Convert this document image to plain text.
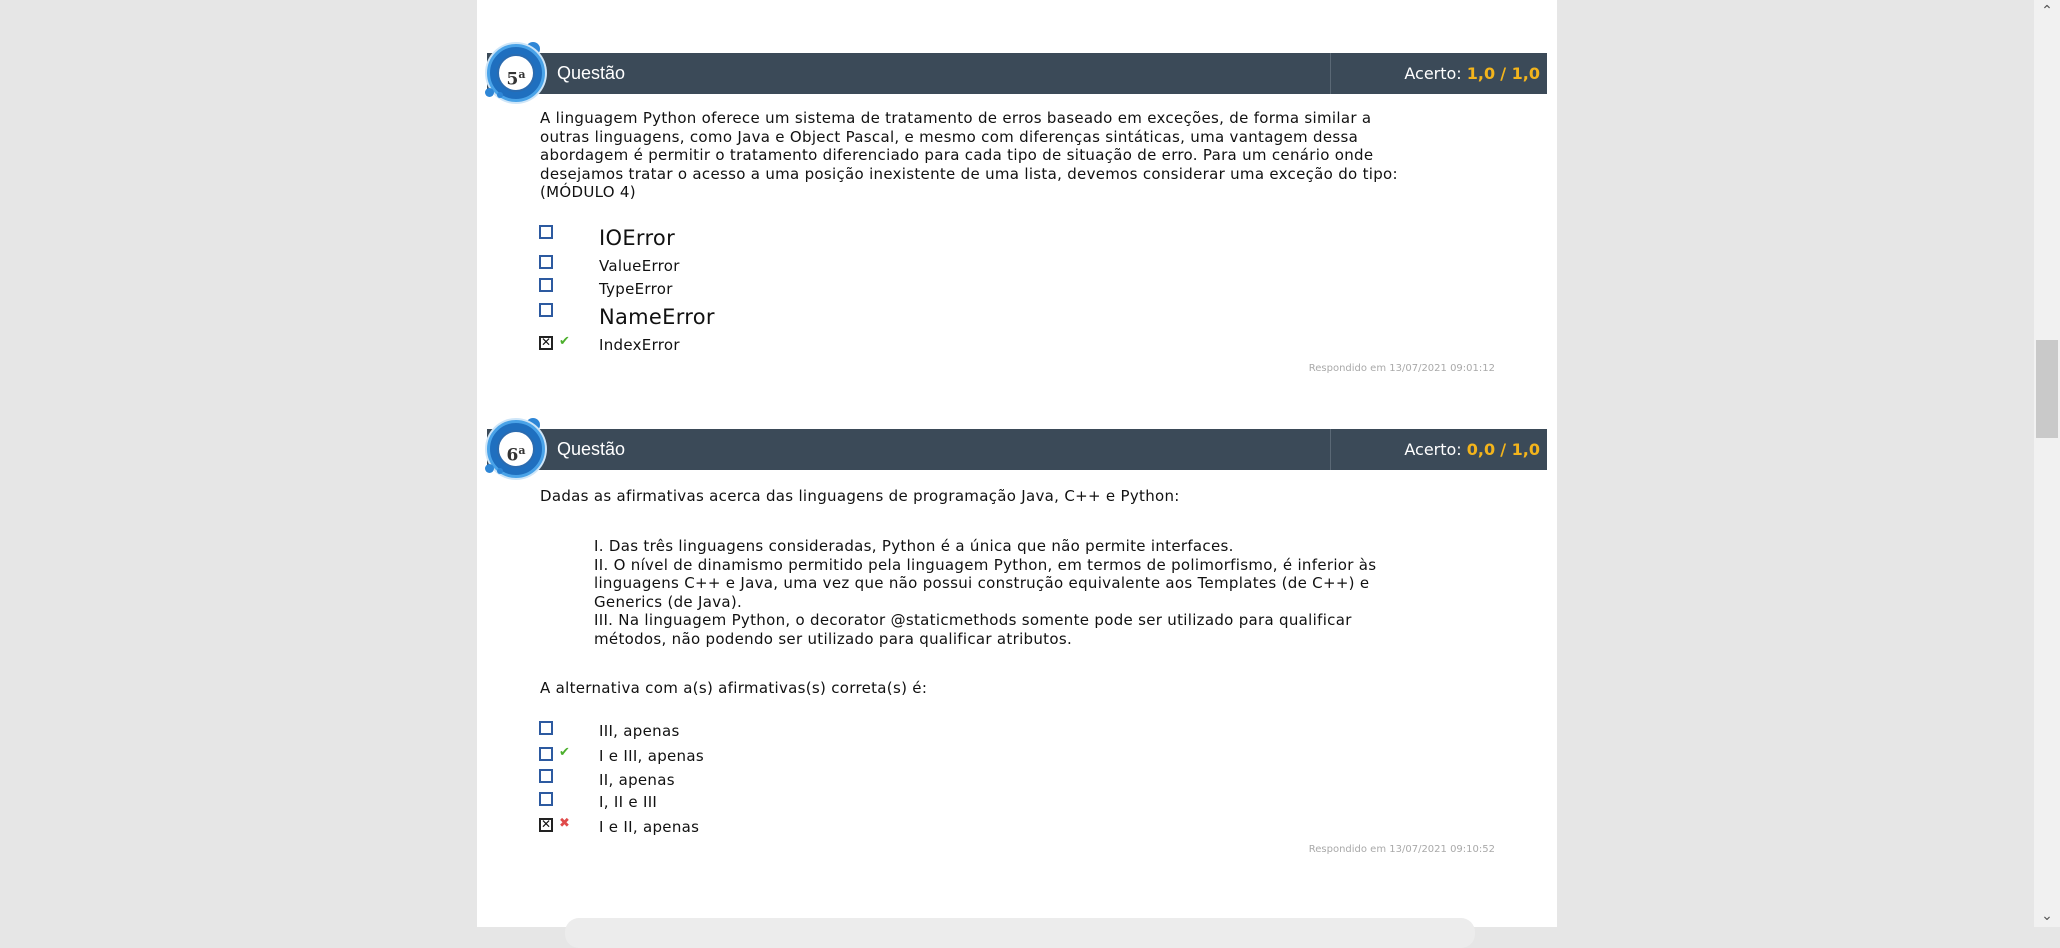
Questão	Acerto: 1,0 / 1,0
5$^a$
A linguagem Python oferece um sistema de tratamento de erros baseado em exceções, de forma similar a
outras linguagens, como Java e Object Pascal, e mesmo com diferenças sintáticas, uma vantagem dessa
abordagem é permitir o tratamento diferenciado para cada tipo de situação de erro. Para um cenário onde
desejamos tratar o acesso a uma posição inexistente de uma lista, devemos considerar uma exceção do tipo:
(MÓDULO 4)
IOError
ValueError
TypeError
NameError
✕
✔ IndexError
Respondido em 13/07/2021 09:01:12
Questão	Acerto: 0,0 / 1,0
6$^a$
Dadas as afirmativas acerca das linguagens de programação Java, C++ e Python:
I. Das três linguagens consideradas, Python é a única que não permite interfaces.
II. O nível de dinamismo permitido pela linguagem Python, em termos de polimorfismo, é inferior às
linguagens C++ e Java, uma vez que não possui construção equivalente aos Templates (de C++) e
Generics (de Java).
III. Na linguagem Python, o decorator @staticmethods somente pode ser utilizado para qualificar
métodos, não podendo ser utilizado para qualificar atributos.
A alternativa com a(s) afirmativas(s) correta(s) é:
III, apenas
✔ I e III, apenas
II, apenas
I, II e III
✕
✖ I e II, apenas
Respondido em 13/07/2021 09:10:52
⌃
⌄
